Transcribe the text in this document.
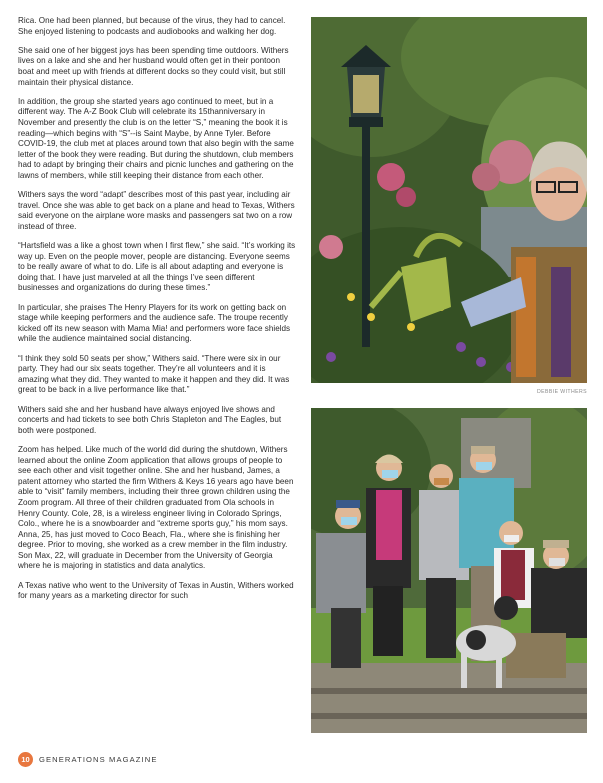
Rica. One had been planned, but because of the virus, they had to cancel. She enjoyed listening to podcasts and audiobooks and walking her dog.

She said one of her biggest joys has been spending time outdoors. Withers lives on a lake and she and her husband would often get in their pontoon boat and meet up with friends at different docks so they could visit, but still maintain their physical distance.

In addition, the group she started years ago continued to meet, but in a different way. The A-Z Book Club will celebrate its 15thanniversary in November and presently the club is on the letter “S,” meaning the book it is reading—which begins with “S”--is Saint Maybe, by Anne Tyler. Before COVID-19, the club met at places around town that also begin with the same letter of the book they were reading. But during the shutdown, club members had to adapt by bringing their chairs and picnic lunches and gathering on the lawns of members, while still keeping their distance from each other.

Withers says the word “adapt” describes most of this past year, including air travel. Once she was able to get back on a plane and head to Texas, Withers said everyone on the airplane wore masks and passengers sat two on a row instead of three.

“Hartsfield was a like a ghost town when I first flew,” she said. “It’s working its way up. Even on the people mover, people are distancing. Everyone seems to be really aware of what to do. Life is all about adapting and everyone is doing that. I have just marveled at all the things I’ve seen different businesses and organizations do during these times.”

In particular, she praises The Henry Players for its work on getting back on stage while keeping performers and the audience safe. The troupe recently kicked off its new season with Mama Mia! and performers wore face shields while the audience maintained social distancing.

“I think they sold 50 seats per show,” Withers said. “There were six in our party. They had our six seats together. They’re all volunteers and it is amazing what they did. They wanted to make it happen and they did. It was great to be back in a live performance like that.”

Withers said she and her husband have always enjoyed live shows and concerts and had tickets to see both Chris Stapleton and The Eagles, but both were postponed.

Zoom has helped. Like much of the world did during the shutdown, Withers learned about the online Zoom application that allows groups of people to see each other and visit together online. She and her husband, James, a patent attorney who started the firm Withers & Keys 16 years ago have been able to “visit” family members, including their three grown children using the Zoom program. All three of their children graduated from Ola schools in Henry County. Cole, 28, is a wireless engineer living in Colorado Springs, Colo., where he is a snowboarder and “extreme sports guy,” his mom says. Anna, 25, has just moved to Coco Beach, Fla., where she is finishing her degree. Prior to moving, she worked as a crew member in the film industry. Son Max, 22, will graduate in December from the University of Georgia where he is majoring in statistics and data analytics.

A Texas native who went to the University of Texas in Austin, Withers worked for many years as a marketing director for such

DEBBIE WITHERS
10	GENERATIONS MAGAZINE
